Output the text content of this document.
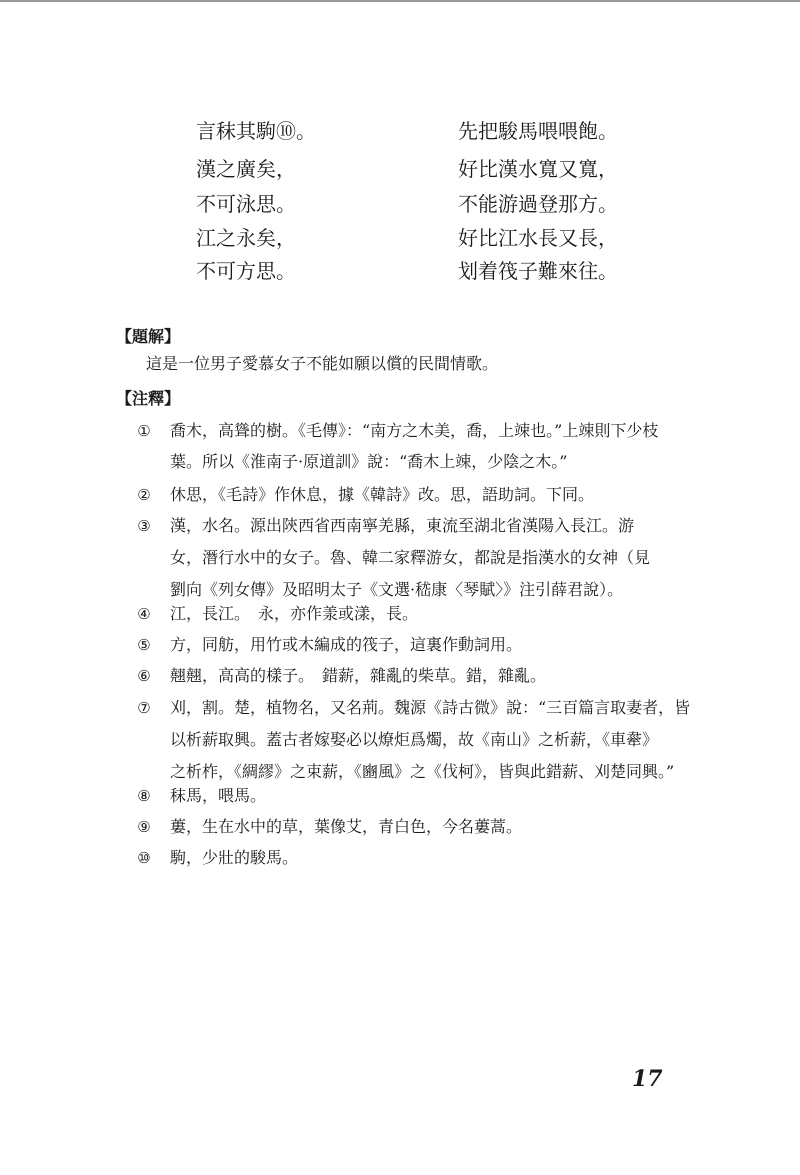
言秣其駒⑩。	先把駿馬喂喂飽。
漢之廣矣，	好比漢水寬又寬，
不可泳思。	不能游過登那方。
江之永矣，	好比江水長又長，
不可方思。	划着筏子難來往。
【題解】
這是一位男子愛慕女子不能如願以償的民間情歌。
【注釋】
① 喬木，高聳的樹。《毛傳》：“南方之木美，喬，上竦也。”上竦則下少枝
葉。所以《淮南子·原道訓》說：“喬木上竦，少陰之木。”
② 休思，《毛詩》作休息，據《韓詩》改。思，語助詞。下同。
③ 漢，水名。源出陝西省西南寧羌縣，東流至湖北省漢陽入長江。游
女，潛行水中的女子。魯、韓二家釋游女，都說是指漢水的女神（見
劉向《列女傳》及昭明太子《文選·嵇康〈琴賦〉》注引薛君說）。
④ 江，長江。　永，亦作羕或漾，長。
⑤ 方，同舫，用竹或木編成的筏子，這裏作動詞用。
⑥ 翹翹，高高的樣子。　錯薪，雜亂的柴草。錯，雜亂。
⑦ 刈，割。楚，植物名，又名荊。魏源《詩古微》說：“三百篇言取妻者，皆
以析薪取興。蓋古者嫁娶必以燎炬爲燭，故《南山》之析薪，《車舝》
之析柞，《綢繆》之束薪，《豳風》之《伐柯》，皆與此錯薪、刈楚同興。”
⑧ 秣馬，喂馬。
⑨ 蔞，生在水中的草，葉像艾，青白色，今名蔞蒿。
⑩ 駒，少壯的駿馬。
17
